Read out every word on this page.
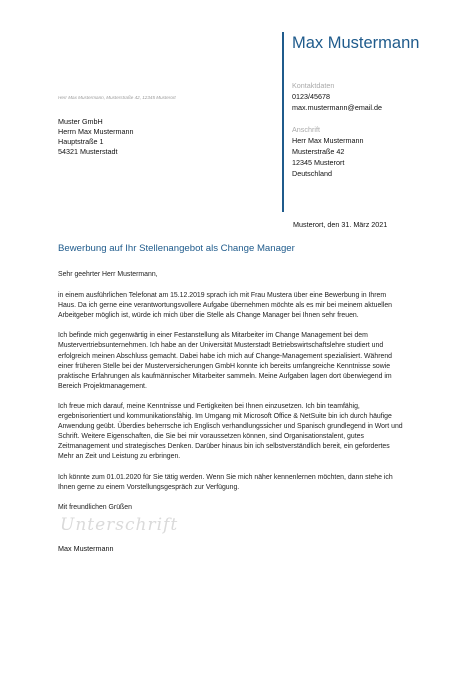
Max Mustermann
Kontaktdaten
0123/45678
max.mustermann@email.de
Anschrift
Herr Max Mustermann
Musterstraße 42
12345 Musterort
Deutschland
Herr Max Mustermann, Musterstraße 42, 12345 Musterort
Muster GmbH
Herrn Max Mustermann
Hauptstraße 1
54321 Musterstadt
Musterort, den 31. März 2021
Bewerbung auf Ihr Stellenangebot als Change Manager

Sehr geehrter Herr Mustermann,

in einem ausführlichen Telefonat am 15.12.2019 sprach ich mit Frau Mustera über eine Bewerbung in Ihrem
Haus. Da ich gerne eine verantwortungsvollere Aufgabe übernehmen möchte als es mir bei meinem aktuellen
Arbeitgeber möglich ist, würde ich mich über die Stelle als Change Manager bei Ihnen sehr freuen.

Ich befinde mich gegenwärtig in einer Festanstellung als Mitarbeiter im Change Management bei dem
Mustervertriebsunternehmen. Ich habe an der Universität Musterstadt Betriebswirtschaftslehre studiert und
erfolgreich meinen Abschluss gemacht. Dabei habe ich mich auf Change-Management spezialisiert. Während
einer früheren Stelle bei der Musterversicherungen GmbH konnte ich bereits umfangreiche Kenntnisse sowie
praktische Erfahrungen als kaufmännischer Mitarbeiter sammeln. Meine Aufgaben lagen dort überwiegend im
Bereich Projektmanagement.

Ich freue mich darauf, meine Kenntnisse und Fertigkeiten bei Ihnen einzusetzen. Ich bin teamfähig,
ergebnisorientiert und kommunikationsfähig. Im Umgang mit Microsoft Office & NetSuite bin ich durch häufige
Anwendung geübt. Überdies beherrsche ich Englisch verhandlungssicher und Spanisch grundlegend in Wort und
Schrift. Weitere Eigenschaften, die Sie bei mir voraussetzen können, sind Organisationstalent, gutes
Zeitmanagement und strategisches Denken. Darüber hinaus bin ich selbstverständlich bereit, ein gefordertes
Mehr an Zeit und Leistung zu erbringen.

Ich könnte zum 01.01.2020 für Sie tätig werden. Wenn Sie mich näher kennenlernen möchten, dann stehe ich
Ihnen gerne zu einem Vorstellungsgespräch zur Verfügung.

Mit freundlichen Grüßen

Unterschrift
Max Mustermann
